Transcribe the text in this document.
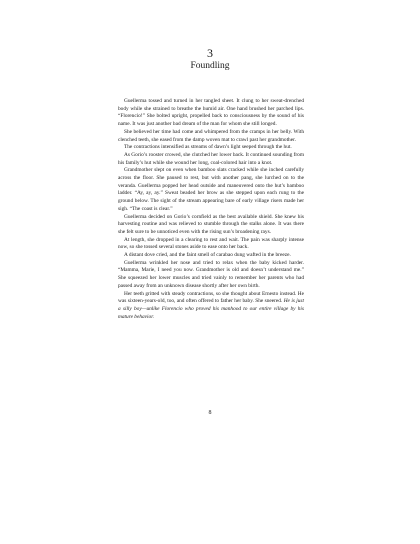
3
Foundling

Guellerma tossed and turned in her tangled sheet. It clung to her sweat-drenched body while she strained to breathe the humid air. One hand brushed her parched lips. “Florencio!” She bolted upright, propelled back to consciousness by the sound of his name. It was just another bad dream of the man for whom she still longed.

She believed her time had come and whimpered from the cramps in her belly. With clenched teeth, she eased from the damp woven mat to crawl past her grandmother.

The contractions intensified as streams of dawn’s light seeped through the hut.

As Gorio’s rooster crowed, she clutched her lower back. It continued sounding from his family’s hut while she wound her long, coal-colored hair into a knot.

Grandmother slept on even when bamboo slats cracked while she inched carefully across the floor. She paused to rest, but with another pang, she lurched on to the veranda. Guellerma popped her head outside and maneuvered onto the hut’s bamboo ladder. “Ay, ay, ay.” Sweat beaded her brow as she stepped upon each rung to the ground below. The sight of the stream appearing bare of early village risers made her sigh. “The coast is clear.”

Guellerma decided on Gorio’s cornfield as the best available shield. She knew his harvesting routine and was relieved to stumble through the stalks alone. It was there she felt sure to be unnoticed even with the rising sun’s broadening rays.

At length, she dropped in a clearing to rest and wait. The pain was sharply intense now, so she tossed several stones aside to ease onto her back.

A distant dove cried, and the faint smell of carabao dung wafted in the breeze.

Guellerma wrinkled her nose and tried to relax when the baby kicked harder. “Mamma, Marie, I need you now. Grandmother is old and doesn’t understand me.” She squeezed her lower muscles and tried vainly to remember her parents who had passed away from an unknown disease shortly after her own birth.

Her teeth gritted with steady contractions, so she thought about Ernesto instead. He was sixteen-years-old, too, and often offered to father her baby. She sneered. He is just a silly boy—unlike Florencio who proved his manhood to our entire village by his mature behavior.

8
